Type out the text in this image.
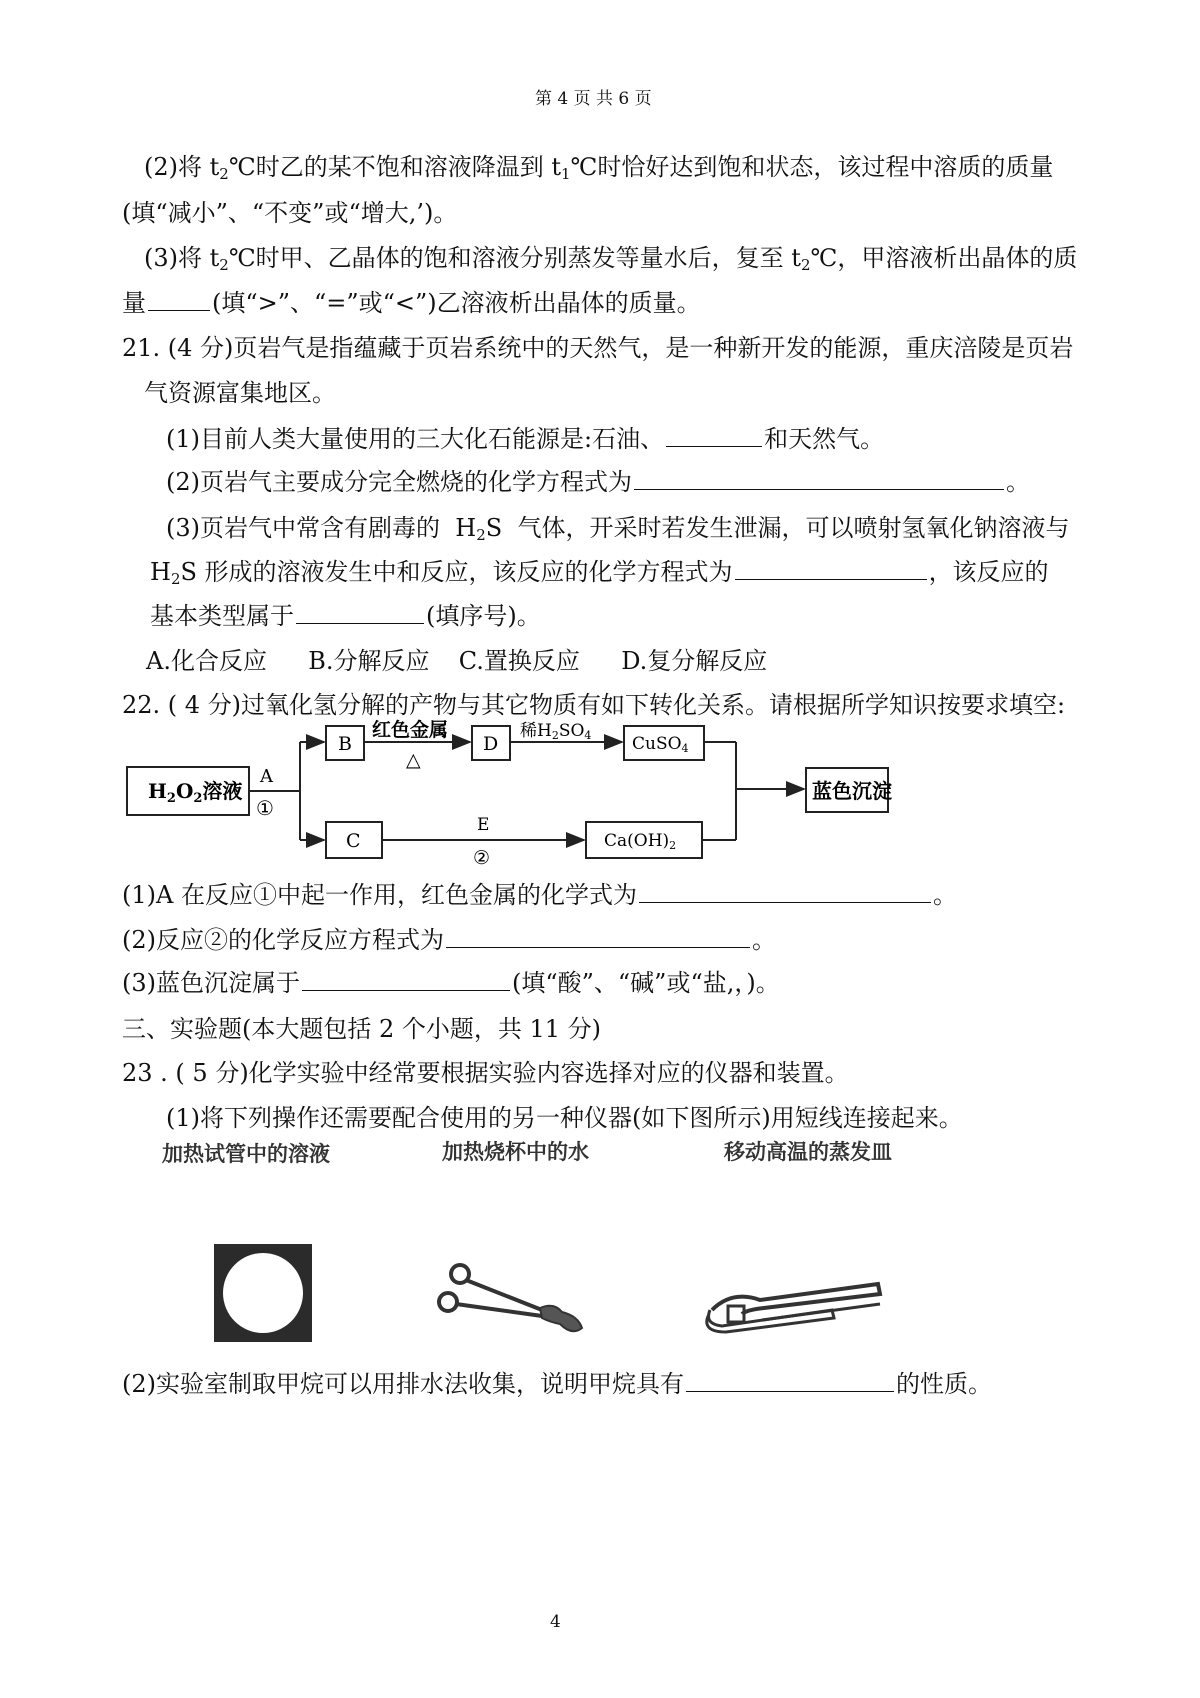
第 4 页 共 6 页
(2)将 $t_2℃$时乙的某不饱和溶液降温到 $t_1℃$时恰好达到饱和状态，该过程中溶质的质量
(填“减小”、“不变”或“增大,’)。
(3)将 $t_2℃$时甲、乙晶体的饱和溶液分别蒸发等量水后，复至 $t_2℃$，甲溶液析出晶体的质
量	(填“>”、“=”或“<”)乙溶液析出晶体的质量。
21. (4 分)页岩气是指蕴藏于页岩系统中的天然气，是一种新开发的能源，重庆涪陵是页岩
气资源富集地区。
(1)目前人类大量使用的三大化石能源是:石油、	和天然气。
(2)页岩气主要成分完全燃烧的化学方程式为	。
(3)页岩气中常含有剧毒的 $H_2S$ 气体，开采时若发生泄漏，可以喷射氢氧化钠溶液与
$H_2S$ 形成的溶液发生中和反应，该反应的化学方程式为	，该反应的
基本类型属于	(填序号)。
A.化合反应 B.分解反应 C.置换反应 D.复分解反应
22. ( 4 分)过氧化氢分解的产物与其它物质有如下转化关系。请根据所学知识按要求填空:
$H_2O_2$溶液
A
①
B
红色金属
△
D
稀H2SO4 CuSO4
C
E
②
Ca(OH)2
蓝色沉淀
(1)A 在反应①中起一作用，红色金属的化学式为	。
(2)反应②的化学反应方程式为	。
(3)蓝色沉淀属于	(填“酸”、“碱”或“盐,，)。
三、实验题(本大题包括 2 个小题，共 11 分)
23 . ( 5 分)化学实验中经常要根据实验内容选择对应的仪器和装置。
(1)将下列操作还需要配合使用的另一种仪器(如下图所示)用短线连接起来。
加热试管中的溶液	加热烧杯中的水	移动高温的蒸发皿
(2)实验室制取甲烷可以用排水法收集，说明甲烷具有	的性质。
4
